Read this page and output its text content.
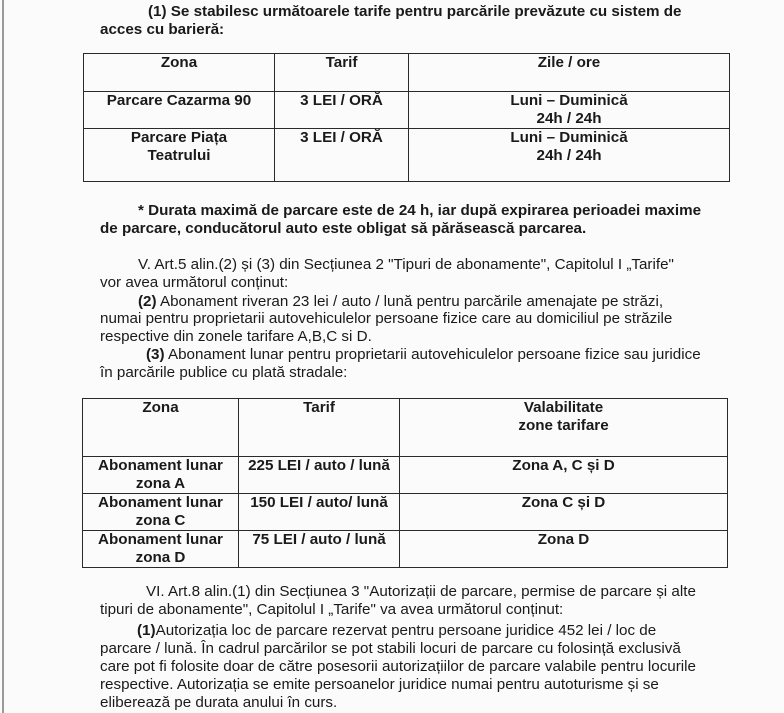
(1) Se stabilesc următoarele tarife pentru parcările prevăzute cu sistem de

acces cu barieră:

Zona	Tarif	Zile / ore
Parcare Cazarma 90	3 LEI / ORĂ	Luni – Duminică
24h / 24h
Parcare Piața
Teatrului	3 LEI / ORĂ	Luni – Duminică
24h / 24h

* Durata maximă de parcare este de 24 h, iar după expirarea perioadei maxime

de parcare, conducătorul auto este obligat să părăsească parcarea.

V. Art.5 alin.(2) și (3) din Secțiunea 2 "Tipuri de abonamente", Capitolul I „Tarife"

vor avea următorul conținut:

(2) Abonament riveran 23 lei / auto / lună pentru parcările amenajate pe străzi,

numai pentru proprietarii autovehiculelor persoane fizice care au domiciliul pe străzile

respective din zonele tarifare A,B,C si D.

(3) Abonament lunar pentru proprietarii autovehiculelor persoane fizice sau juridice

în parcările publice cu plată stradale:

Zona	Tarif	Valabilitate
zone tarifare
Abonament lunar
zona A	225 LEI / auto / lună	Zona A, C și D
Abonament lunar
zona C	150 LEI / auto/ lună	Zona C și D
Abonament lunar
zona D	75 LEI / auto / lună	Zona D

VI. Art.8 alin.(1) din Secțiunea 3 "Autorizații de parcare, permise de parcare și alte

tipuri de abonamente", Capitolul I „Tarife" va avea următorul conținut:

(1)Autorizația loc de parcare rezervat pentru persoane juridice 452 lei / loc de

parcare / lună. În cadrul parcărilor se pot stabili locuri de parcare cu folosință exclusivă

care pot fi folosite doar de către posesorii autorizațiilor de parcare valabile pentru locurile

respective. Autorizația se emite persoanelor juridice numai pentru autoturisme și se

eliberează pe durata anului în curs.
